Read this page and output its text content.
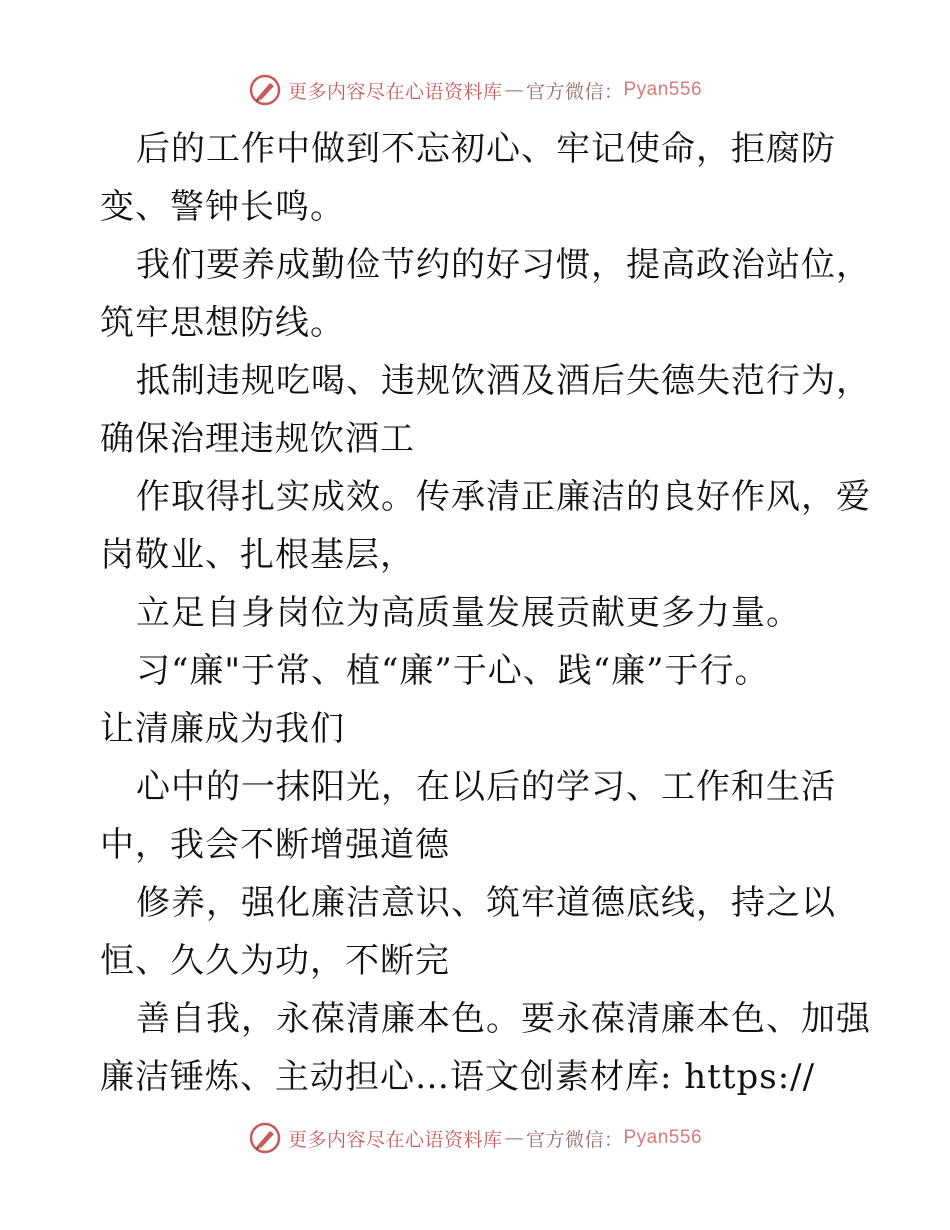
更多内容尽在心语资料库 — 官方微信： Pyan556
后的工作中做到不忘初心、牢记使命，拒腐防
变、警钟长鸣。
我们要养成勤俭节约的好习惯，提高政治站位，
筑牢思想防线。
抵制违规吃喝、违规饮酒及酒后失德失范行为，
确保治理违规饮酒工
作取得扎实成效。传承清正廉洁的良好作风，爱
岗敬业、扎根基层，
立足自身岗位为高质量发展贡献更多力量。
习“廉"于常、植“廉”于心、践“廉”于行。
让清廉成为我们
心中的一抹阳光，在以后的学习、工作和生活
中，我会不断增强道德
修养，强化廉洁意识、筑牢道德底线，持之以
恒、久久为功，不断完
善自我，永葆清廉本色。要永葆清廉本色、加强
廉洁锤炼、主动担心…语文创素材库: https://
更多内容尽在心语资料库 — 官方微信： Pyan556
